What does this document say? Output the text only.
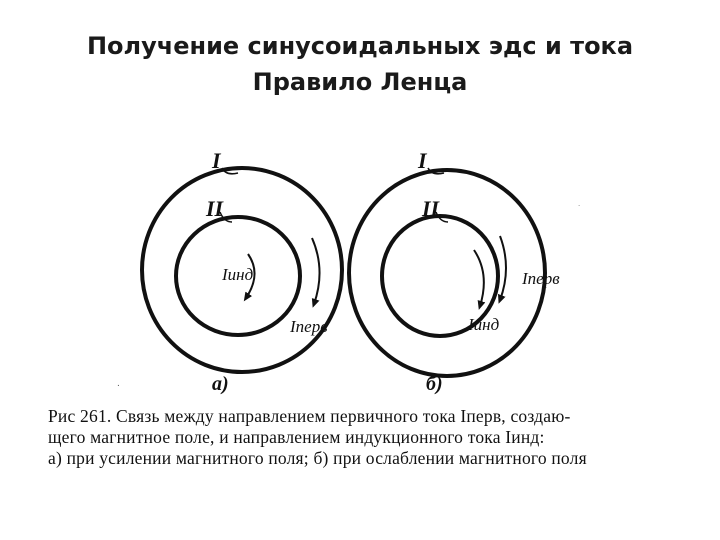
Получение синусоидальных эдс и тока
Правило Ленца
I
II
Iинд
Iперв
a)
.
I
II
Iинд
Iперв
б)
.
Рис 261. Связь между направлением первичного тока Iперв, создаю-
щего магнитное поле, и направлением индукционного тока Iинд:
а) при усилении магнитного поля; б) при ослаблении магнитного поля
